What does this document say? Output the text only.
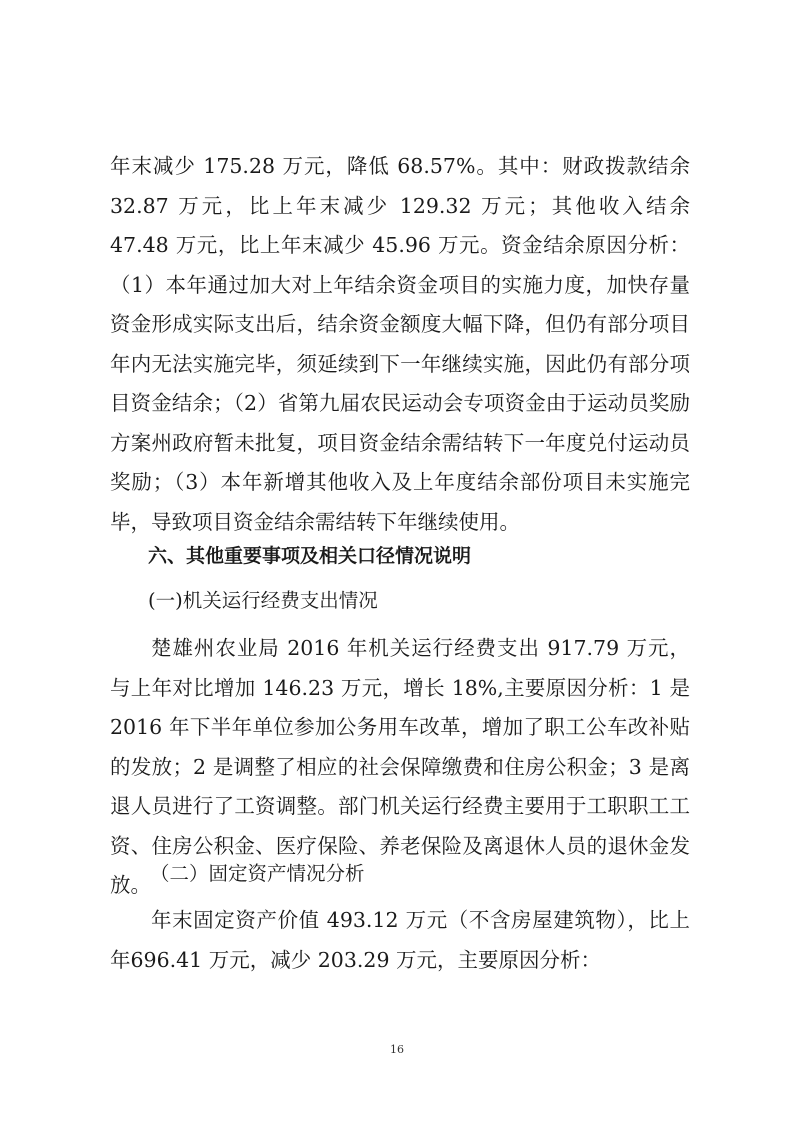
年末减少 175.28 万元，降低 68.57%。其中：财政拨款结余 32.87 万元，比上年末减少 129.32 万元；其他收入结余 47.48 万元，比上年末减少 45.96 万元。资金结余原因分析：（1）本年通过加大对上年结余资金项目的实施力度，加快存量资金形成实际支出后，结余资金额度大幅下降，但仍有部分项目年内无法实施完毕，须延续到下一年继续实施，因此仍有部分项目资金结余；（2）省第九届农民运动会专项资金由于运动员奖励方案州政府暂未批复，项目资金结余需结转下一年度兑付运动员奖励；（3）本年新增其他收入及上年度结余部份项目未实施完毕，导致项目资金结余需结转下年继续使用。

六、其他重要事项及相关口径情况说明

(一)机关运行经费支出情况

楚雄州农业局 2016 年机关运行经费支出 917.79 万元，与上年对比增加 146.23 万元，增长 18%,主要原因分析：1 是 2016 年下半年单位参加公务用车改革，增加了职工公车改补贴的发放；2 是调整了相应的社会保障缴费和住房公积金；3 是离退人员进行了工资调整。部门机关运行经费主要用于工职职工工资、住房公积金、医疗保险、养老保险及离退休人员的退休金发放。 （二）固定资产情况分析

年末固定资产价值 493.12 万元（不含房屋建筑物），比上年696.41 万元，减少 203.29 万元，主要原因分析：

16
